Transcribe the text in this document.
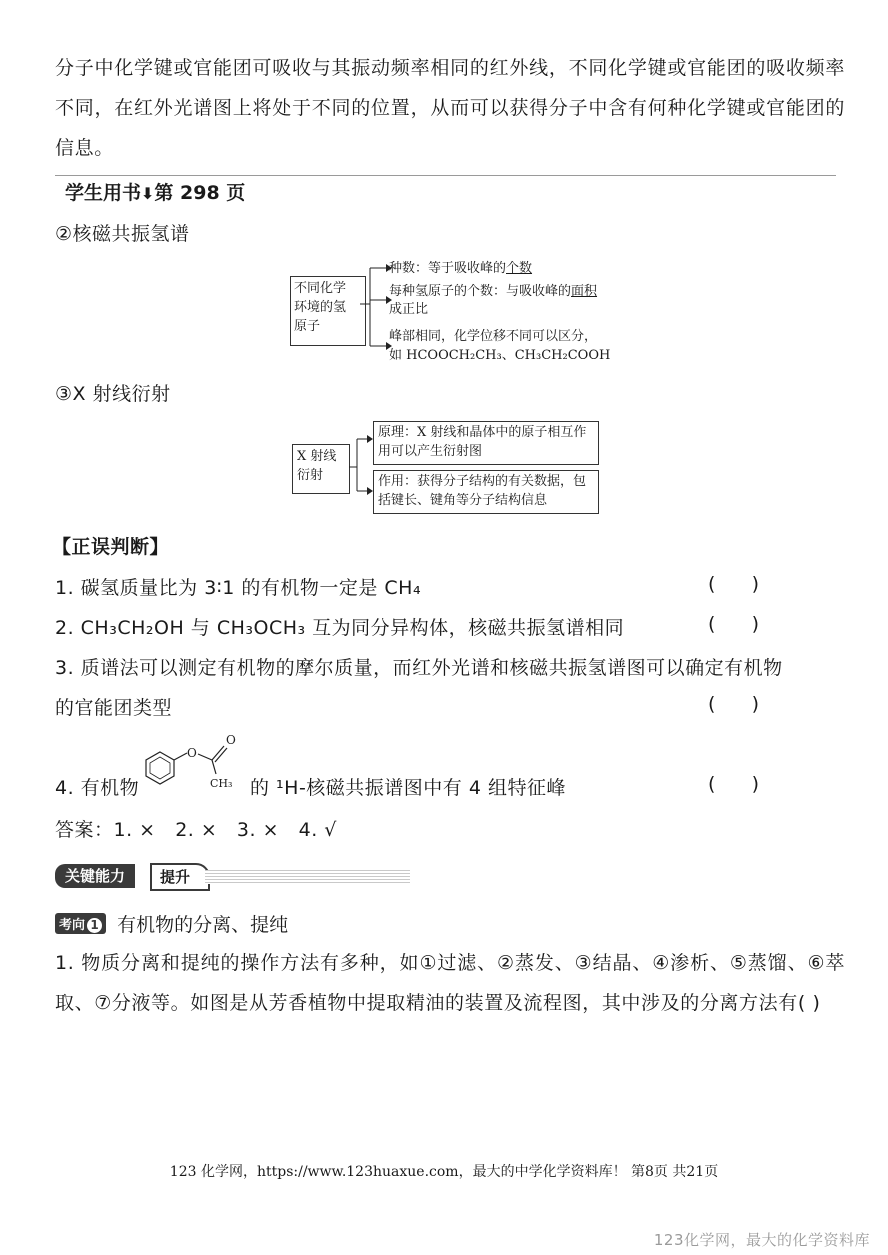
分子中化学键或官能团可吸收与其振动频率相同的红外线，不同化学键或官能团的吸收频率不同，在红外光谱图上将处于不同的位置，从而可以获得分子中含有何种化学键或官能团的信息。
学生用书⬇第 298 页
②核磁共振氢谱
不同化学
环境的氢
原子
种数：等于吸收峰的个数
每种氢原子的个数：与吸收峰的面积
成正比
峰部相同，化学位移不同可以区分，
如 HCOOCH₂CH₃、CH₃CH₂COOH
③X 射线衍射
X 射线
衍射
原理：X 射线和晶体中的原子相互作
用可以产生衍射图
作用：获得分子结构的有关数据，包
括键长、键角等分子结构信息
【正误判断】
1. 碳氢质量比为 3∶1 的有机物一定是 CH₄	(      )
2. CH₃CH₂OH 与 CH₃OCH₃ 互为同分异构体，核磁共振氢谱相同	(      )
3. 质谱法可以测定有机物的摩尔质量，而红外光谱和核磁共振氢谱图可以确定有机物
的官能团类型	(      )
4. 有机物
O
O
CH₃ 的 ¹H-核磁共振谱图中有 4 组特征峰	(      )
答案：1. ×   2. ×   3. ×   4. √
关键能力	提升
考向 1 有机物的分离、提纯
1. 物质分离和提纯的操作方法有多种，如①过滤、②蒸发、③结晶、④渗析、⑤蒸馏、⑥萃取、⑦分液等。如图是从芳香植物中提取精油的装置及流程图，其中涉及的分离方法有( )
123 化学网，https://www.123huaxue.com，最大的中学化学资料库！ 第8页 共21页
123化学网，最大的化学资料库
